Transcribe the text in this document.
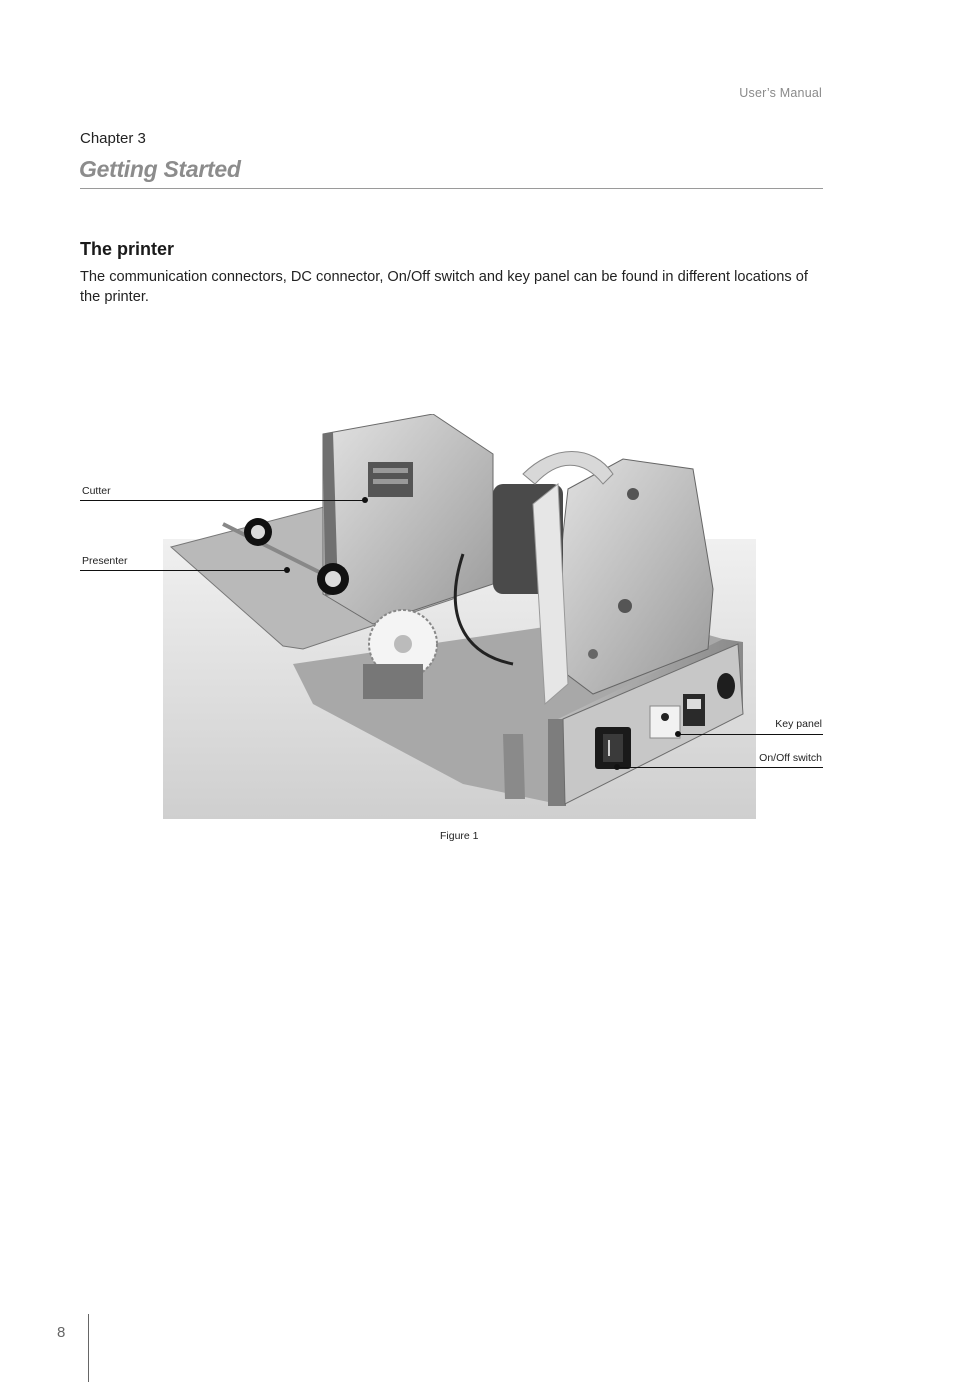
User’s Manual
Chapter 3
Getting Started
The printer
The communication connectors, DC connector, On/Off switch and key panel can be found in different locations of the printer.
Cutter
Presenter
Key panel
On/Off switch
Figure 1
8
